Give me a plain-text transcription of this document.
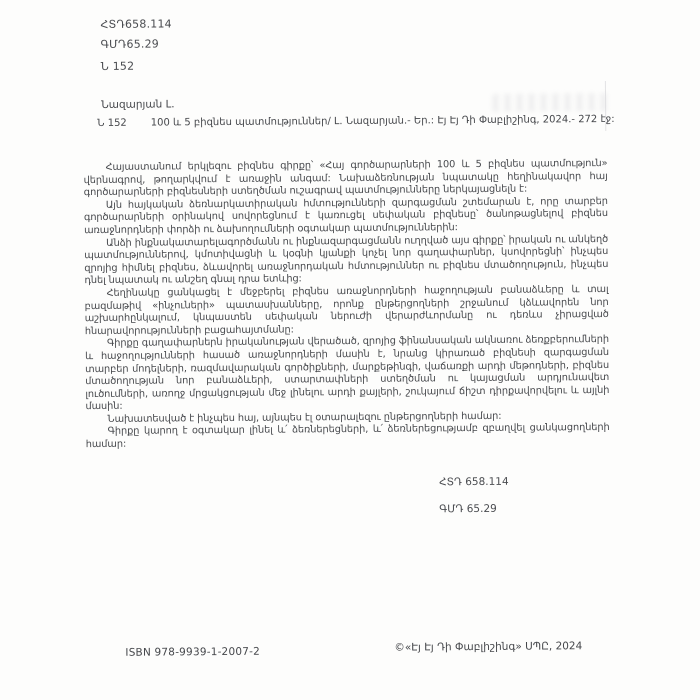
ՀՏԴ658.114
ԳՄԴ65.29
Ն 152
Նազարյան Լ.
Ն 152 100 և 5 բիզնես պատմություններ/ Լ. Նազարյան.- Եր.: Էյ Էյ Դի Փաբլիշինգ, 2024.- 272 էջ:

Հայաստանում երկլեզու բիզնես գիրքը՝ «Հայ գործարարների 100 և 5 բիզնես պատմություն» վերնագրով, թողարկվում է առաջին անգամ: Նախաձեռնության նպատակը հեղինակավոր հայ գործարարների բիզնեսների ստեղծման ուշագրավ պատմությունները ներկայացնելն է:

Այն հայկական ձեռնարկատիրական հմտությունների զարգացման շտեմարան է, որը տարբեր գործարարների օրինակով սովորեցնում է կառուցել սեփական բիզնեսը՝ ծանոթացնելով բիզնես առաջնորդների փորձի ու ձախողումների օգտակար պատմություններին:

Անձի ինքնակատարելագործմանն ու ինքնազարգացմանն ուղղված այս գիրքը՝ իրական ու անկեղծ պատմություններով, կմոտիվացնի և կօգնի կյանքի կոչել նոր գաղափարներ, կսովորեցնի՝ ինչպես զրոյից հիմնել բիզնես, ձևավորել առաջնորդական հմտություններ ու բիզնես մտածողություն, ինչպես դնել նպատակ ու անշեղ գնալ դրա ետևից:

Հեղինակը ցանկացել է մեջբերել բիզնես առաջնորդների հաջողության բանաձևերը և տալ բազմաթիվ «ինչուների» պատասխանները, որոնք ընթերցողների շրջանում կձևավորեն նոր աշխարհընկալում, կնպաստեն սեփական ներուժի վերարժևորմանը ու դեռևս չիրացված հնարավորությունների բացահայտմանը:

Գիրքը գաղափարներն իրականության վերածած, զրոյից ֆինանսական ակնառու ձեռքբերումների և հաջողությունների հասած առաջնորդների մասին է, նրանց կիրառած բիզնեսի զարգացման տարբեր մոդելների, ռազմավարական գործիքների, մարքեթինգի, վաճառքի արդի մեթոդների, բիզնես մտածողության նոր բանաձևերի, ստարտափների ստեղծման ու կայացման արդյունավետ լուծումների, առողջ մրցակցության մեջ լինելու արդի քայլերի, շուկայում ճիշտ դիրքավորվելու և այլնի մասին:

Նախատեսված է ինչպես հայ, այնպես էլ օտարալեզու ընթերցողների համար:

Գիրքը կարող է օգտակար լինել և՛ ձեռներեցների, և՛ ձեռներեցությամբ զբաղվել ցանկացողների համար:

ՀՏԴ 658.114
ԳՄԴ 65.29
ISBN 978-9939-1-2007-2	©«Էյ Էյ Դի Փաբլիշինգ» ՍՊԸ, 2024
